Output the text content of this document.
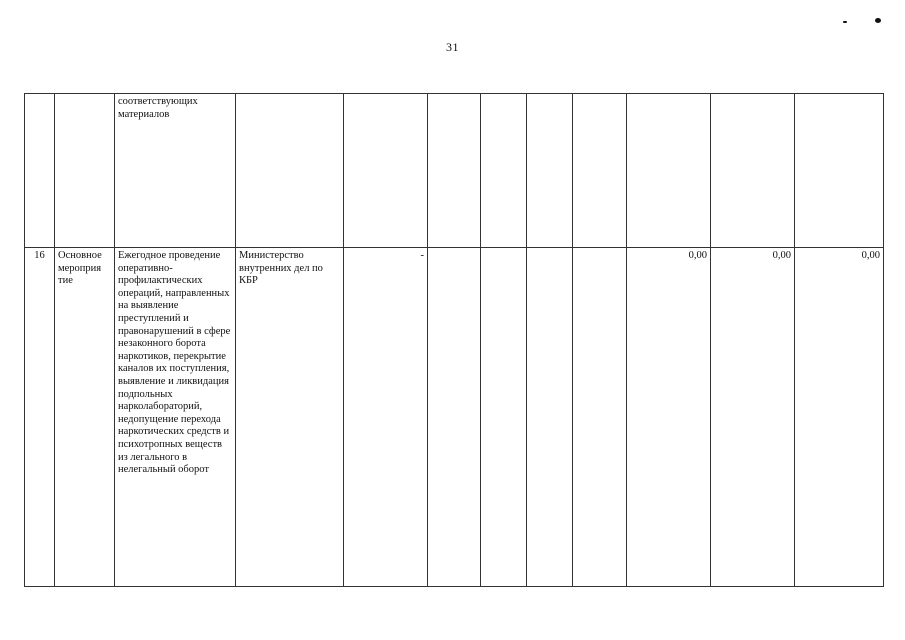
31

		соответствующих материалов									

16	Основное мероприя тие	Ежегодное проведение оперативно-профилактических операций, направленных на выявление преступлений и правонарушений в сфере незаконного борота наркотиков, перекрытие каналов их поступления, выявление и ликвидация подпольных нарколабораторий, недопущение перехода наркотических средств и психотропных веществ из легального в нелегальный оборот	Министерство внутренних дел по КБР	-					0,00	0,00	0,00
